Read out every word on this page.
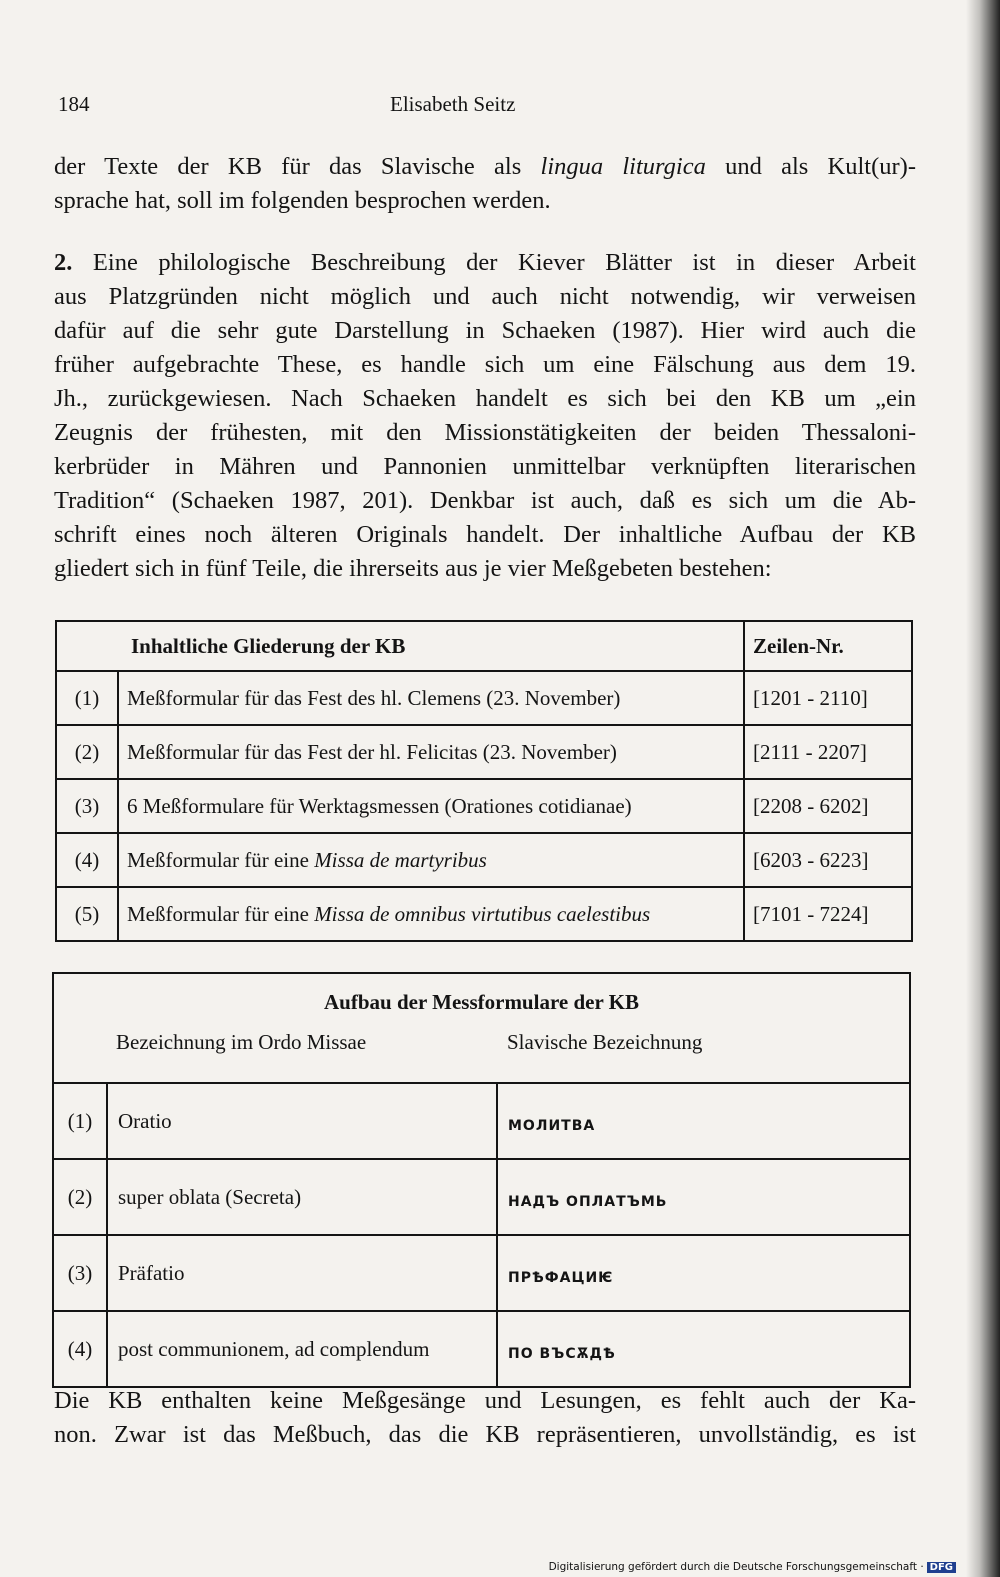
184	Elisabeth Seitz
der Texte der KB für das Slavische als lingua liturgica und als Kult(ur)-
sprache hat, soll im folgenden besprochen werden.
2. Eine philologische Beschreibung der Kiever Blätter ist in dieser Arbeit
aus Platzgründen nicht möglich und auch nicht notwendig, wir verweisen
dafür auf die sehr gute Darstellung in Schaeken (1987). Hier wird auch die
früher aufgebrachte These, es handle sich um eine Fälschung aus dem 19.
Jh., zurückgewiesen. Nach Schaeken handelt es sich bei den KB um „ein
Zeugnis der frühesten, mit den Missionstätigkeiten der beiden Thessaloni-
kerbrüder in Mähren und Pannonien unmittelbar verknüpften literarischen
Tradition“ (Schaeken 1987, 201). Denkbar ist auch, daß es sich um die Ab-
schrift eines noch älteren Originals handelt. Der inhaltliche Aufbau der KB
gliedert sich in fünf Teile, die ihrerseits aus je vier Meßgebeten bestehen:
Inhaltliche Gliederung der KB		Zeilen-Nr.
(1)	Meßformular für das Fest des hl. Clemens (23. November)	[1201 - 2110]
(2)	Meßformular für das Fest der hl. Felicitas (23. November)	[2111 - 2207]
(3)	6 Meßformulare für Werktagsmessen (Orationes cotidianae)	[2208 - 6202]
(4)	Meßformular für eine Missa de martyribus	[6203 - 6223]
(5)	Meßformular für eine Missa de omnibus virtutibus caelestibus	[7101 - 7224]
Aufbau der Messformulare der KB		
Bezeichnung im Ordo Missae		Slavische Bezeichnung
(1)	Oratio	МОЛИТВА
(2)	super oblata (Secreta)	НАДЪ ОПЛАТЪМЬ
(3)	Präfatio	ПРѢФАЦИѤ
(4)	post communionem, ad complendum	ПО ВЪСѪДѢ
Die KB enthalten keine Meßgesänge und Lesungen, es fehlt auch der Ka-
non. Zwar ist das Meßbuch, das die KB repräsentieren, unvollständig, es ist
Digitalisierung gefördert durch die Deutsche Forschungsgemeinschaft · DFG
